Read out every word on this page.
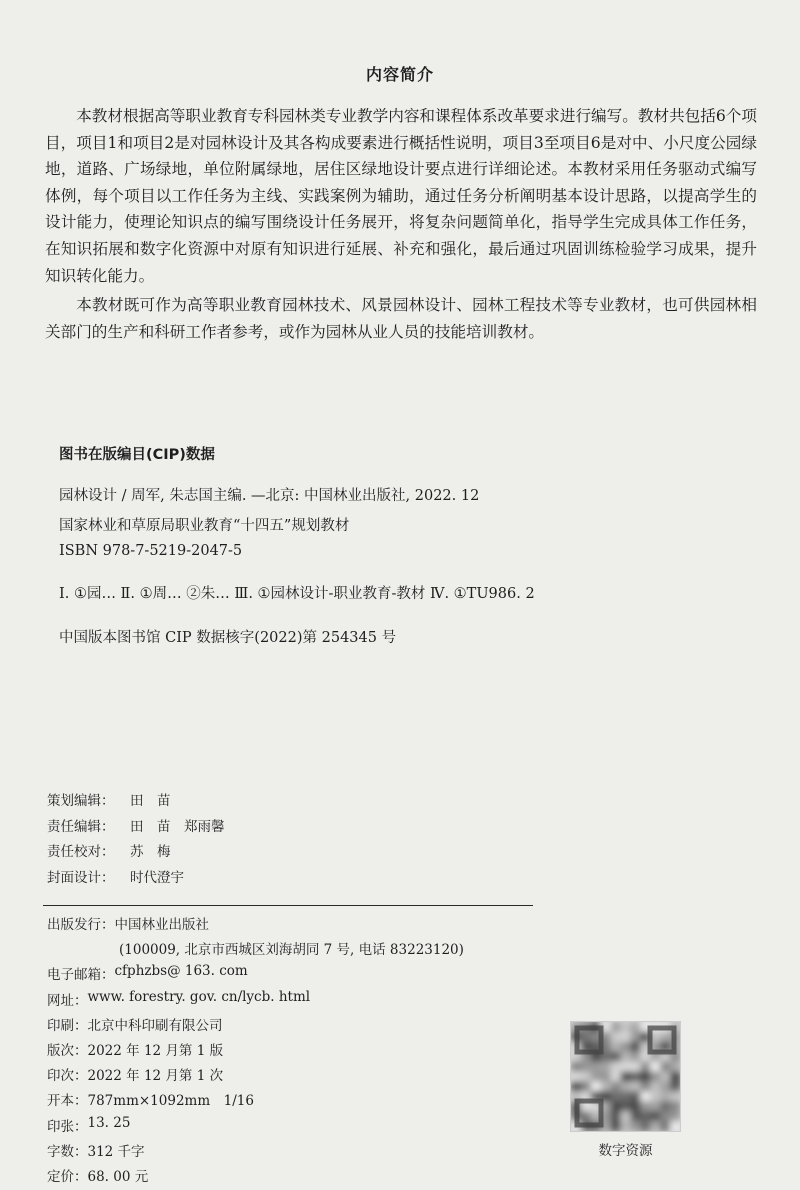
内容简介

本教材根据高等职业教育专科园林类专业教学内容和课程体系改革要求进行编写。教材共包括6个项目，项目1和项目2是对园林设计及其各构成要素进行概括性说明，项目3至项目6是对中、小尺度公园绿地，道路、广场绿地，单位附属绿地，居住区绿地设计要点进行详细论述。本教材采用任务驱动式编写体例，每个项目以工作任务为主线、实践案例为辅助，通过任务分析阐明基本设计思路，以提高学生的设计能力，使理论知识点的编写围绕设计任务展开，将复杂问题简单化，指导学生完成具体工作任务，在知识拓展和数字化资源中对原有知识进行延展、补充和强化，最后通过巩固训练检验学习成果，提升知识转化能力。

本教材既可作为高等职业教育园林技术、风景园林设计、园林工程技术等专业教材，也可供园林相关部门的生产和科研工作者参考，或作为园林从业人员的技能培训教材。

图书在版编目(CIP)数据
园林设计 / 周军, 朱志国主编. —北京: 中国林业出版社, 2022. 12
国家林业和草原局职业教育“十四五”规划教材
ISBN 978-7-5219-2047-5
Ⅰ. ①园… Ⅱ. ①周… ②朱… Ⅲ. ①园林设计-职业教育-教材 Ⅳ. ①TU986. 2
中国版本图书馆 CIP 数据核字(2022)第 254345 号
策划编辑：	田　苗
责任编辑：	田　苗　郑雨馨
责任校对：	苏　梅
封面设计：	时代澄宇
出版发行： 中国林业出版社
(100009, 北京市西城区刘海胡同 7 号, 电话 83223120)
电子邮箱： cfphzbs@ 163. com
网址： www. forestry. gov. cn/lycb. html
印刷： 北京中科印刷有限公司
版次： 2022 年 12 月第 1 版
印次： 2022 年 12 月第 1 次
开本： 787mm×1092mm　1/16
印张： 13. 25
字数： 312 千字
定价： 68. 00 元
数字资源
